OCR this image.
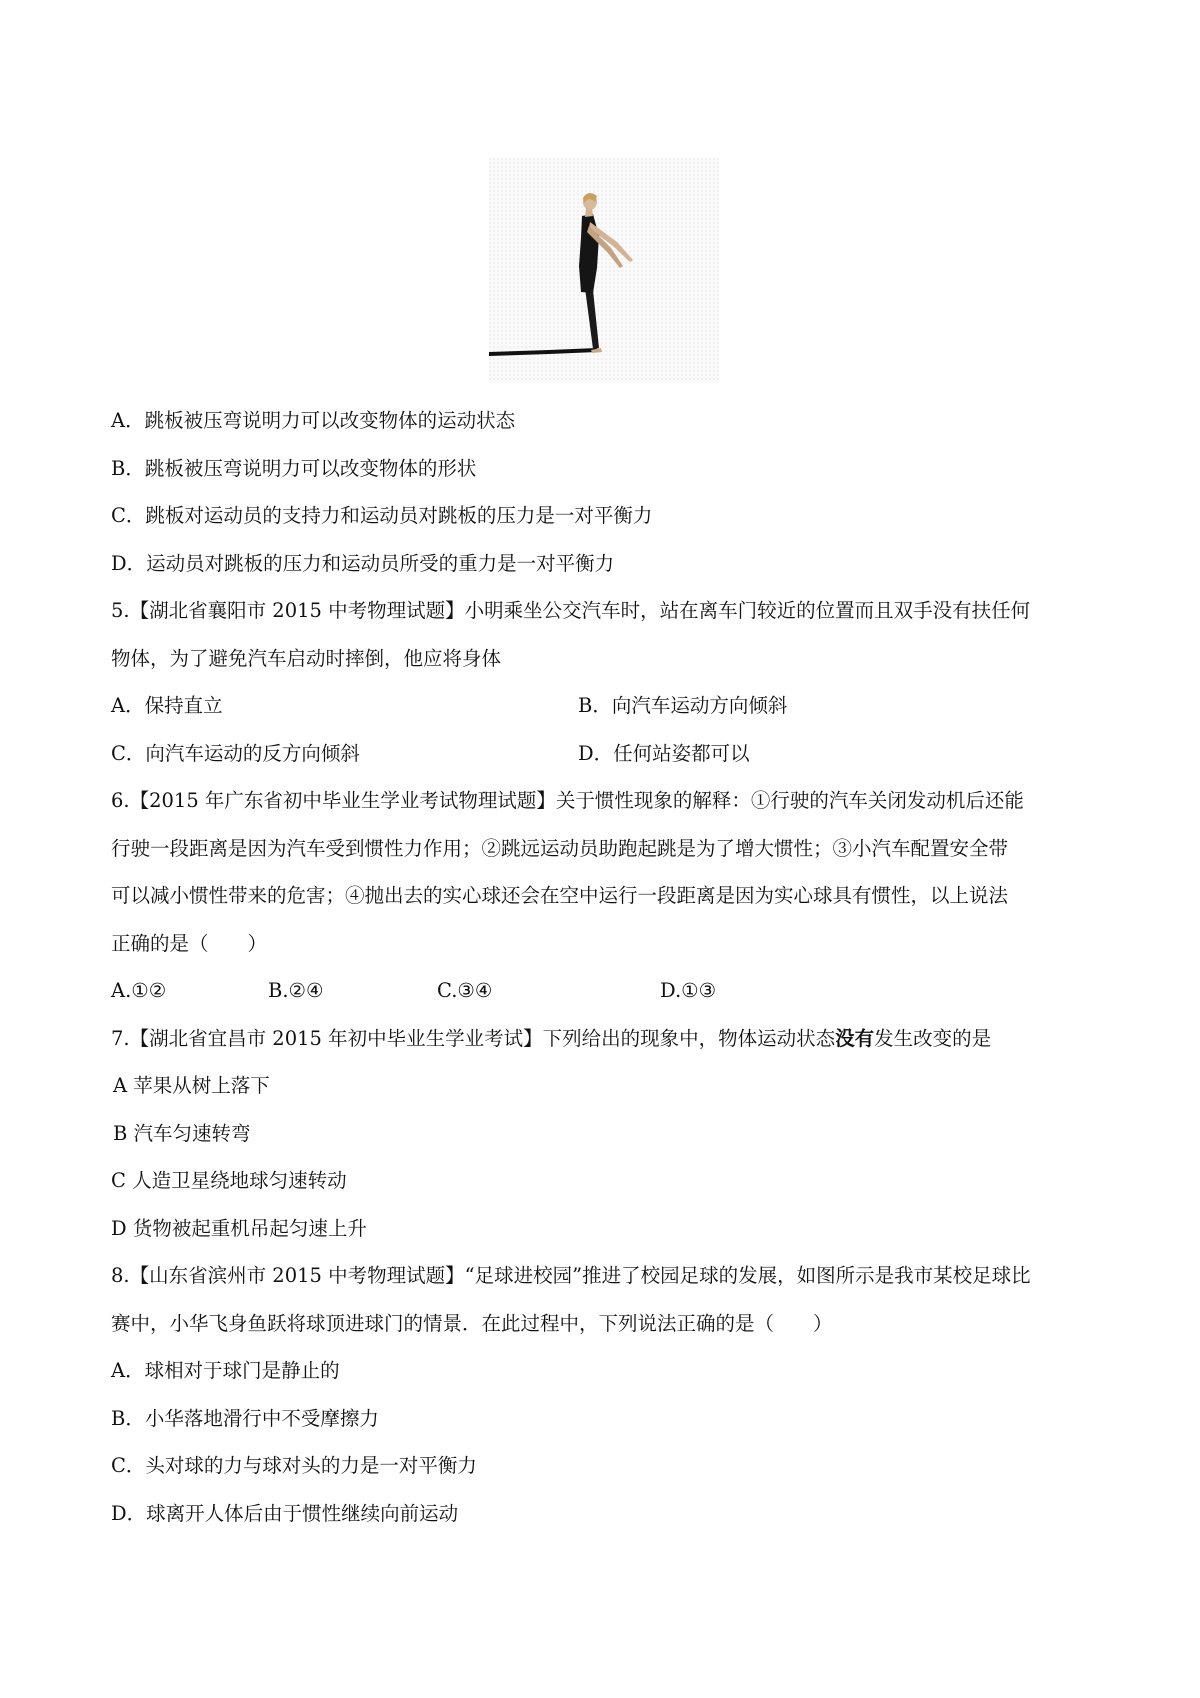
A．跳板被压弯说明力可以改变物体的运动状态
B．跳板被压弯说明力可以改变物体的形状
C．跳板对运动员的支持力和运动员对跳板的压力是一对平衡力
D．运动员对跳板的压力和运动员所受的重力是一对平衡力
5.【湖北省襄阳市 2015 中考物理试题】小明乘坐公交汽车时，站在离车门较近的位置而且双手没有扶任何
物体，为了避免汽车启动时摔倒，他应将身体
A．保持直立	B．向汽车运动方向倾斜
C．向汽车运动的反方向倾斜	D．任何站姿都可以
6.【2015 年广东省初中毕业生学业考试物理试题】关于惯性现象的解释：①行驶的汽车关闭发动机后还能
行驶一段距离是因为汽车受到惯性力作用；②跳远运动员助跑起跳是为了增大惯性；③小汽车配置安全带
可以减小惯性带来的危害；④抛出去的实心球还会在空中运行一段距离是因为实心球具有惯性，以上说法
正确的是（　　）
A.①②	B.②④	C.③④	D.①③
7.【湖北省宜昌市 2015 年初中毕业生学业考试】下列给出的现象中，物体运动状态没有发生改变的是
A 苹果从树上落下
B 汽车匀速转弯
C 人造卫星绕地球匀速转动
D 货物被起重机吊起匀速上升
8.【山东省滨州市 2015 中考物理试题】“足球进校园”推进了校园足球的发展，如图所示是我市某校足球比
赛中，小华飞身鱼跃将球顶进球门的情景．在此过程中，下列说法正确的是（　　）
A．球相对于球门是静止的
B．小华落地滑行中不受摩擦力
C．头对球的力与球对头的力是一对平衡力
D．球离开人体后由于惯性继续向前运动
